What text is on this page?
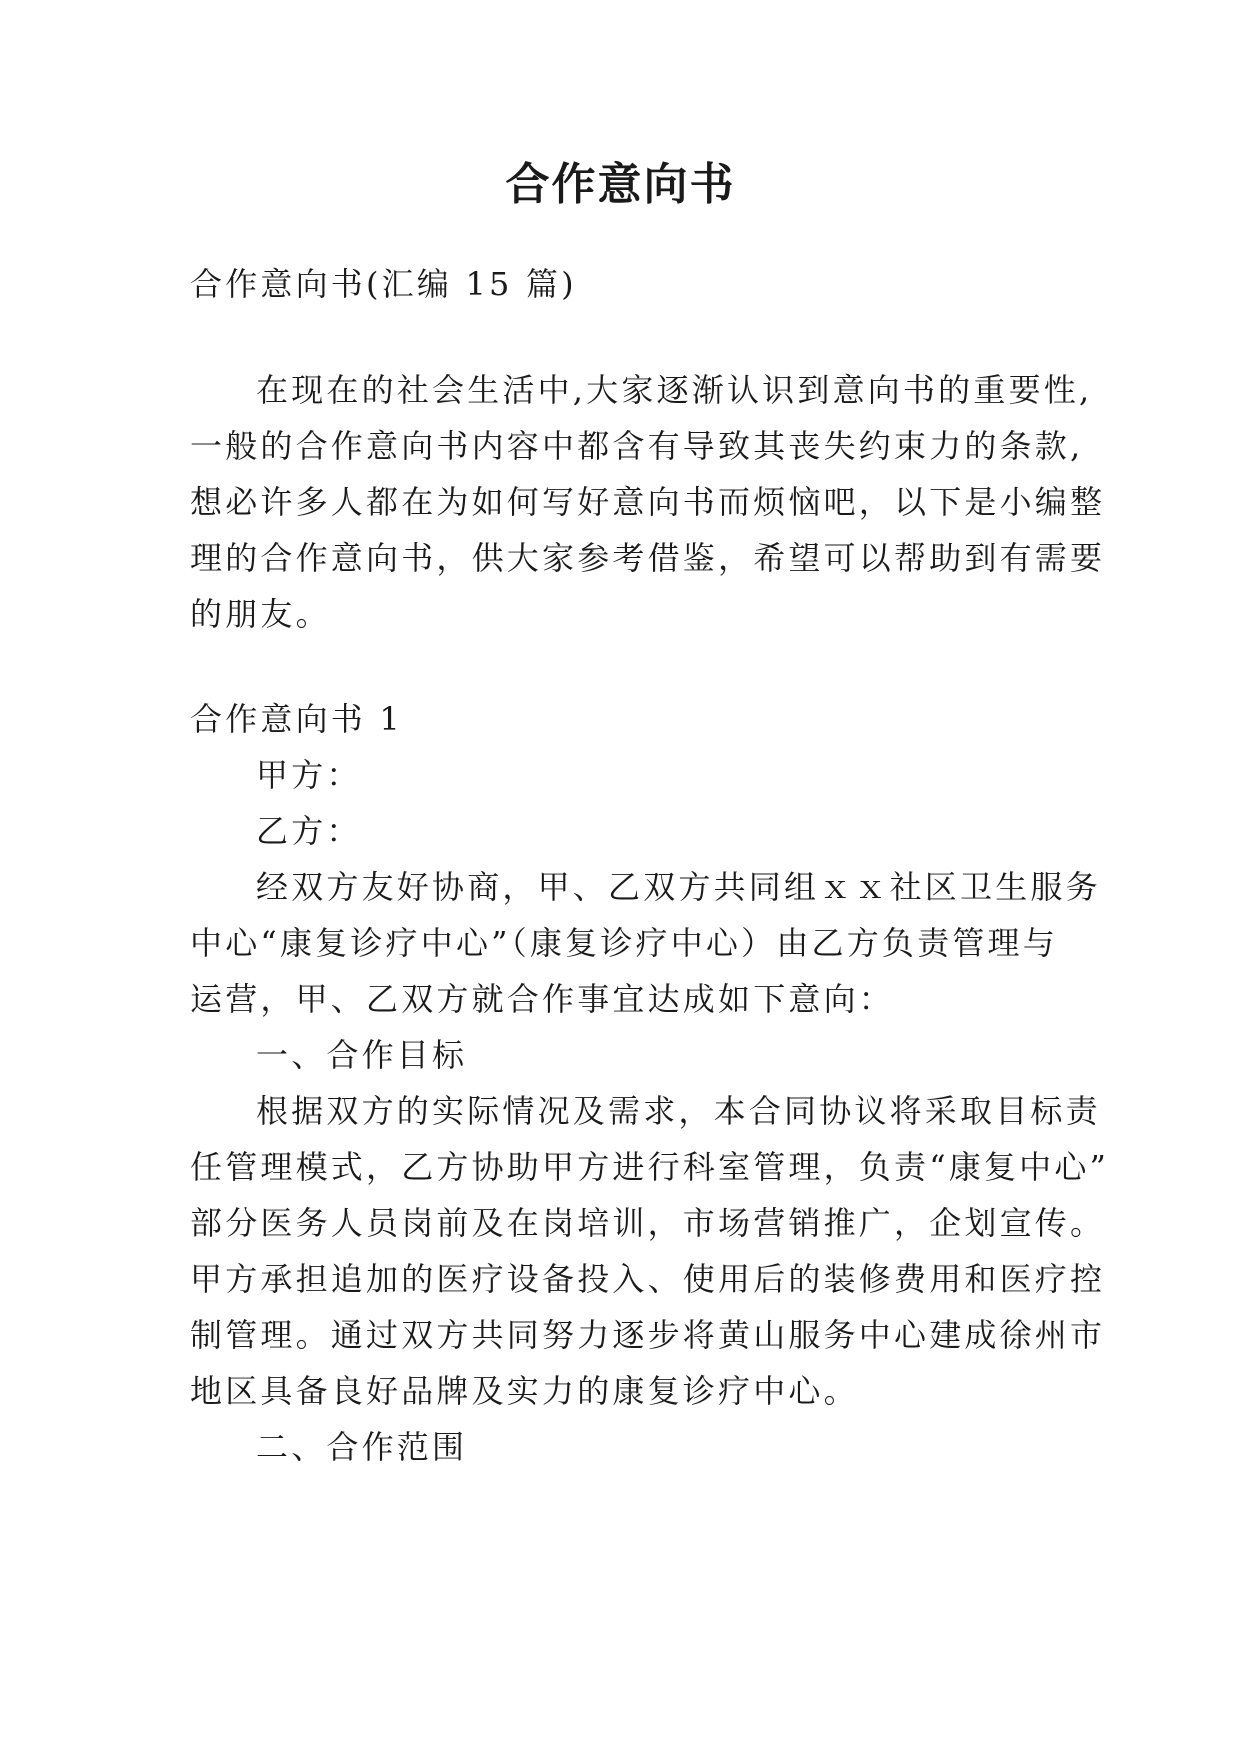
合作意向书
合作意向书(汇编 15 篇)
在现在的社会生活中,大家逐渐认识到意向书的重要性,
一般的合作意向书内容中都含有导致其丧失约束力的条款,
想必许多人都在为如何写好意向书而烦恼吧，以下是小编整
理的合作意向书，供大家参考借鉴，希望可以帮助到有需要
的朋友。
合作意向书 1
甲方：
乙方：
经双方友好协商，甲、乙双方共同组ｘｘ社区卫生服务
中心“康复诊疗中心”（康复诊疗中心）由乙方负责管理与
运营，甲、乙双方就合作事宜达成如下意向：
一、合作目标
根据双方的实际情况及需求，本合同协议将采取目标责
任管理模式，乙方协助甲方进行科室管理，负责“康复中心”
部分医务人员岗前及在岗培训，市场营销推广，企划宣传。
甲方承担追加的医疗设备投入、使用后的装修费用和医疗控
制管理。通过双方共同努力逐步将黄山服务中心建成徐州市
地区具备良好品牌及实力的康复诊疗中心。
二、合作范围
